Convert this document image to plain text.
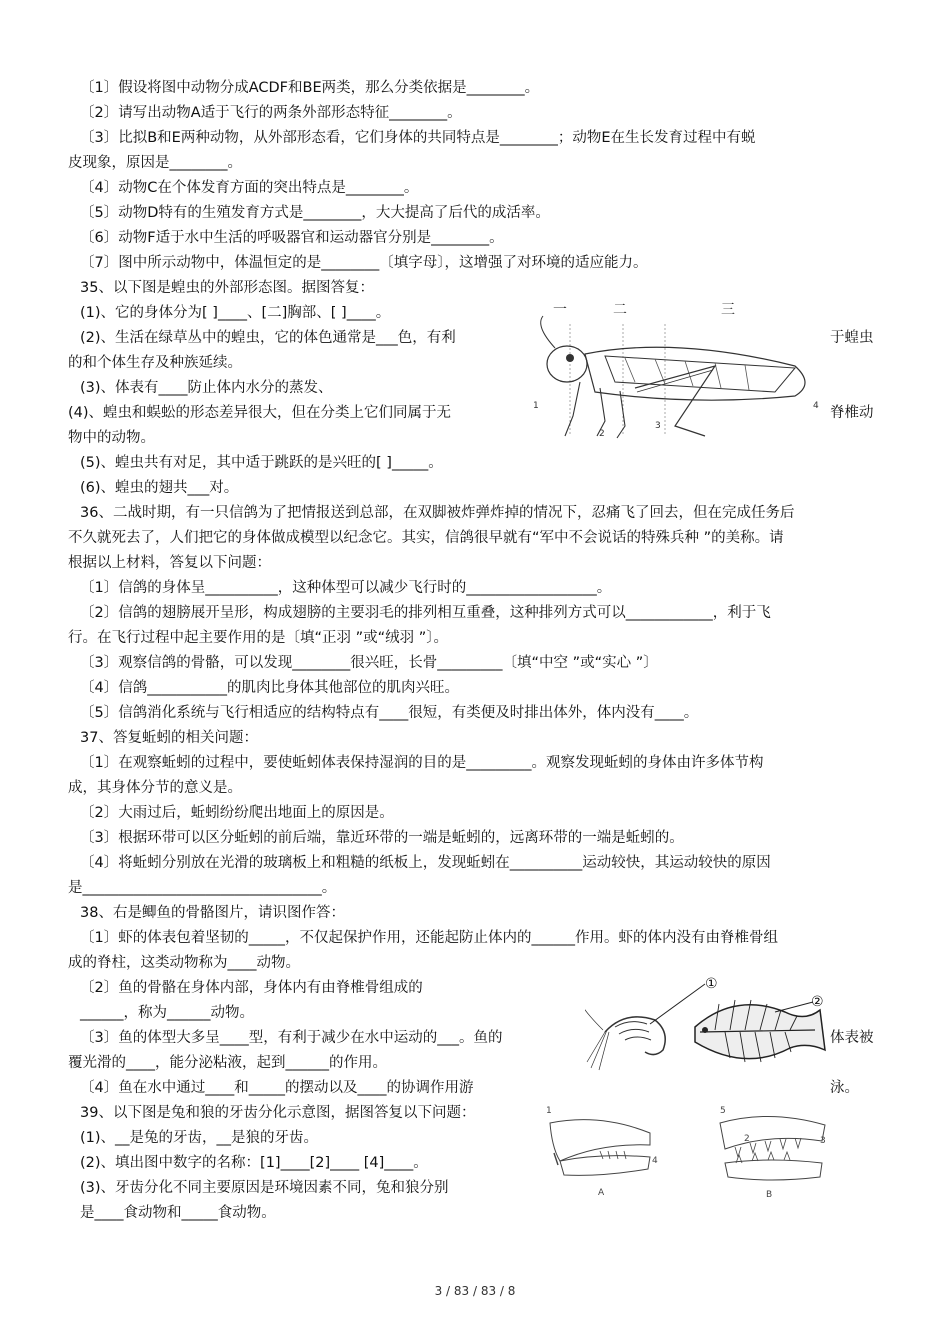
〔1〕假设将图中动物分成ACDF和BE两类，那么分类依据是________。
〔2〕请写出动物A适于飞行的两条外部形态特征________。
〔3〕比拟B和E两种动物，从外部形态看，它们身体的共同特点是________；动物E在生长发育过程中有蜕
皮现象，原因是________。
〔4〕动物C在个体发育方面的突出特点是________。
〔5〕动物D特有的生殖发育方式是________，大大提高了后代的成活率。
〔6〕动物F适于水中生活的呼吸器官和运动器官分别是________。
〔7〕图中所示动物中，体温恒定的是________〔填字母〕，这增强了对环境的适应能力。
35、以下图是蝗虫的外部形态图。据图答复：
(1)、它的身体分为[ ]____、[二]胸部、[ ]____。
(2)、生活在绿草丛中的蝗虫，它的体色通常是___色，有利	于蝗虫
的和个体生存及种族延续。
(3)、体表有____防止体内水分的蒸发、
(4)、蝗虫和蜈蚣的形态差异很大，但在分类上它们同属于无	脊椎动
物中的动物。
(5)、蝗虫共有对足，其中适于跳跃的是兴旺的[ ]_____。
(6)、蝗虫的翅共___对。
36、二战时期，有一只信鸽为了把情报送到总部，在双脚被炸弹炸掉的情况下，忍痛飞了回去，但在完成任务后
不久就死去了，人们把它的身体做成模型以纪念它。其实，信鸽很早就有“军中不会说话的特殊兵种 ”的美称。请
根据以上材料，答复以下问题：
〔1〕信鸽的身体呈__________，这种体型可以减少飞行时的__________________。
〔2〕信鸽的翅膀展开呈形，构成翅膀的主要羽毛的排列相互重叠，这种排列方式可以____________，利于飞
行。在飞行过程中起主要作用的是〔填“正羽 ”或“绒羽 ”〕。
〔3〕观察信鸽的骨骼，可以发现________很兴旺，长骨_________〔填“中空 ”或“实心 ”〕
〔4〕信鸽___________的肌肉比身体其他部位的肌肉兴旺。
〔5〕信鸽消化系统与飞行相适应的结构特点有____很短，有类便及时排出体外，体内没有____。
37、答复蚯蚓的相关问题：
〔1〕在观察蚯蚓的过程中，要使蚯蚓体表保持湿润的目的是_________。观察发现蚯蚓的身体由许多体节构
成，其身体分节的意义是。
〔2〕大雨过后，蚯蚓纷纷爬出地面上的原因是。
〔3〕根据环带可以区分蚯蚓的前后端，靠近环带的一端是蚯蚓的，远离环带的一端是蚯蚓的。
〔4〕将蚯蚓分别放在光滑的玻璃板上和粗糙的纸板上，发现蚯蚓在__________运动较快，其运动较快的原因
是_________________________________。
38、右是鲫鱼的骨骼图片，请识图作答：
〔1〕虾的体表包着坚韧的_____，不仅起保护作用，还能起防止体内的______作用。虾的体内没有由脊椎骨组
成的脊柱，这类动物称为____动物。
〔2〕鱼的骨骼在身体内部，身体内有由脊椎骨组成的
______，称为______动物。
〔3〕鱼的体型大多呈____型，有利于减少在水中运动的___。鱼的	体表被
覆光滑的____，能分泌粘液，起到______的作用。
〔4〕鱼在水中通过____和_____的摆动以及____的协调作用游	泳。
39、以下图是兔和狼的牙齿分化示意图，据图答复以下问题：
(1)、__是兔的牙齿，__是狼的牙齿。
(2)、填出图中数字的名称：[1]____[2]____ [4]____。
(3)、牙齿分化不同主要原因是环境因素不同，兔和狼分别
是____食动物和_____食动物。
一	二	三
1
2
3
4
①
②
1
4
A
5
2	3
B
3 / 83 / 83 / 8
